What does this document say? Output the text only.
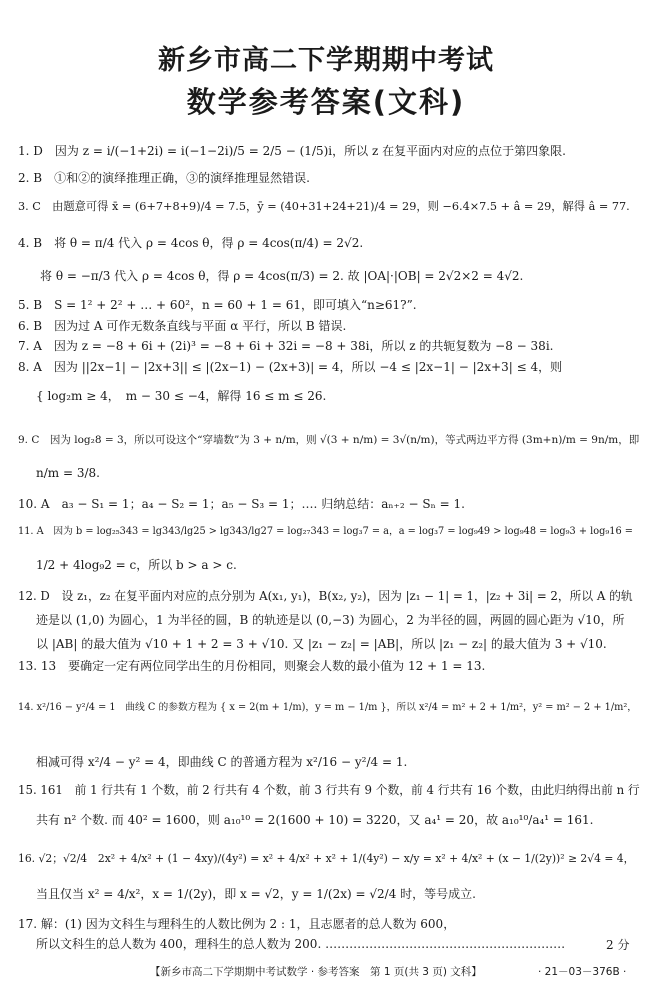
新乡市高二下学期期中考试
数学参考答案(文科)
1. D　因为 z = i/(−1+2i) = i(−1−2i)/5 = 2/5 − (1/5)i，所以 z 在复平面内对应的点位于第四象限.
2. B　①和②的演绎推理正确，③的演绎推理显然错误.
3. C　由题意可得 x̄ = (6+7+8+9)/4 = 7.5，ȳ = (40+31+24+21)/4 = 29，则 −6.4×7.5 + â = 29，解得 â = 77.
4. B　将 θ = π/4 代入 ρ = 4cos θ，得 ρ = 4cos(π/4) = 2√2.
将 θ = −π/3 代入 ρ = 4cos θ，得 ρ = 4cos(π/3) = 2. 故 |OA|·|OB| = 2√2×2 = 4√2.
5. B　S = 1² + 2² + … + 60²，n = 60 + 1 = 61，即可填入“n≥61?”.
6. B　因为过 A 可作无数条直线与平面 α 平行，所以 B 错误.
7. A　因为 z = −8 + 6i + (2i)³ = −8 + 6i + 32i = −8 + 38i，所以 z 的共轭复数为 −8 − 38i.
8. A　因为 ||2x−1| − |2x+3|| ≤ |(2x−1) − (2x+3)| = 4，所以 −4 ≤ |2x−1| − |2x+3| ≤ 4，则
{ log₂m ≥ 4，　m − 30 ≤ −4，解得 16 ≤ m ≤ 26.
9. C　因为 log₂8 = 3，所以可设这个“穿墙数”为 3 + n/m，则 √(3 + n/m) = 3√(n/m)，等式两边平方得 (3m+n)/m = 9n/m，即
n/m = 3/8.
10. A　a₃ − S₁ = 1；a₄ − S₂ = 1；a₅ − S₃ = 1；…. 归纳总结：aₙ₊₂ − Sₙ = 1.
11. A　因为 b = log₂₅343 = lg343/lg25 > lg343/lg27 = log₂₇343 = log₃7 = a，a = log₃7 = log₉49 > log₉48 = log₉3 + log₉16 =
1/2 + 4log₉2 = c，所以 b > a > c.
12. D　设 z₁，z₂ 在复平面内对应的点分别为 A(x₁, y₁)，B(x₂, y₂)，因为 |z₁ − 1| = 1，|z₂ + 3i| = 2，所以 A 的轨
迹是以 (1,0) 为圆心，1 为半径的圆，B 的轨迹是以 (0,−3) 为圆心，2 为半径的圆，两圆的圆心距为 √10，所
以 |AB| 的最大值为 √10 + 1 + 2 = 3 + √10. 又 |z₁ − z₂| = |AB|，所以 |z₁ − z₂| 的最大值为 3 + √10.
13. 13　要确定一定有两位同学出生的月份相同，则聚会人数的最小值为 12 + 1 = 13.
14. x²/16 − y²/4 = 1　曲线 C 的参数方程为 { x = 2(m + 1/m)，y = m − 1/m }，所以 x²/4 = m² + 2 + 1/m²，y² = m² − 2 + 1/m²，
相减可得 x²/4 − y² = 4，即曲线 C 的普通方程为 x²/16 − y²/4 = 1.
15. 161　前 1 行共有 1 个数，前 2 行共有 4 个数，前 3 行共有 9 个数，前 4 行共有 16 个数，由此归纳得出前 n 行
共有 n² 个数. 而 40² = 1600，则 a₁₀¹⁰ = 2(1600 + 10) = 3220，又 a₄¹ = 20，故 a₁₀¹⁰/a₄¹ = 161.
16. √2；√2/4　2x² + 4/x² + (1 − 4xy)/(4y²) = x² + 4/x² + x² + 1/(4y²) − x/y = x² + 4/x² + (x − 1/(2y))² ≥ 2√4 = 4，
当且仅当 x² = 4/x²，x = 1/(2y)，即 x = √2，y = 1/(2x) = √2/4 时，等号成立.
17. 解：(1) 因为文科生与理科生的人数比例为 2 : 1，且志愿者的总人数为 600，
所以文科生的总人数为 400，理科生的总人数为 200. ……………………………………………………	2 分
【新乡市高二下学期期中考试数学 · 参考答案　第 1 页(共 3 页) 文科】	· 21－03－376B ·
